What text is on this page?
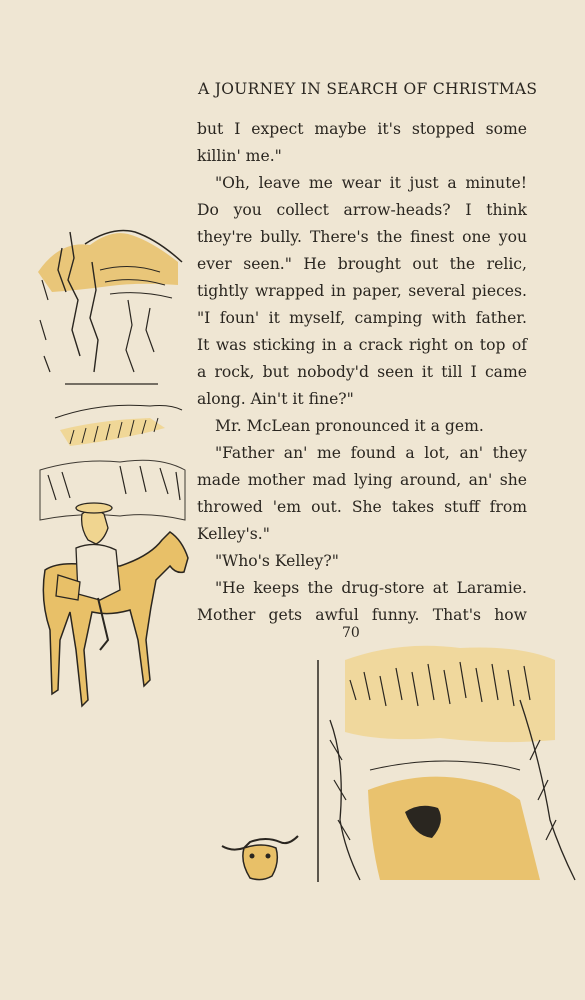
A JOURNEY IN SEARCH OF CHRISTMAS
but I expect maybe it's stopped some
killin' me."
"Oh, leave me wear it just a minute!
Do you collect arrow-heads? I think
they're bully. There's the finest one you
ever seen." He brought out the relic,
tightly wrapped in paper, several pieces.
"I foun' it myself, camping with father.
It was sticking in a crack right on top of
a rock, but nobody'd seen it till I came
along. Ain't it fine?"
Mr. McLean pronounced it a gem.
"Father an' me found a lot, an' they
made mother mad lying around, an' she
throwed 'em out. She takes stuff from
Kelley's."
"Who's Kelley?"
"He keeps the drug-store at Laramie.
Mother gets awful funny. That's how
70
